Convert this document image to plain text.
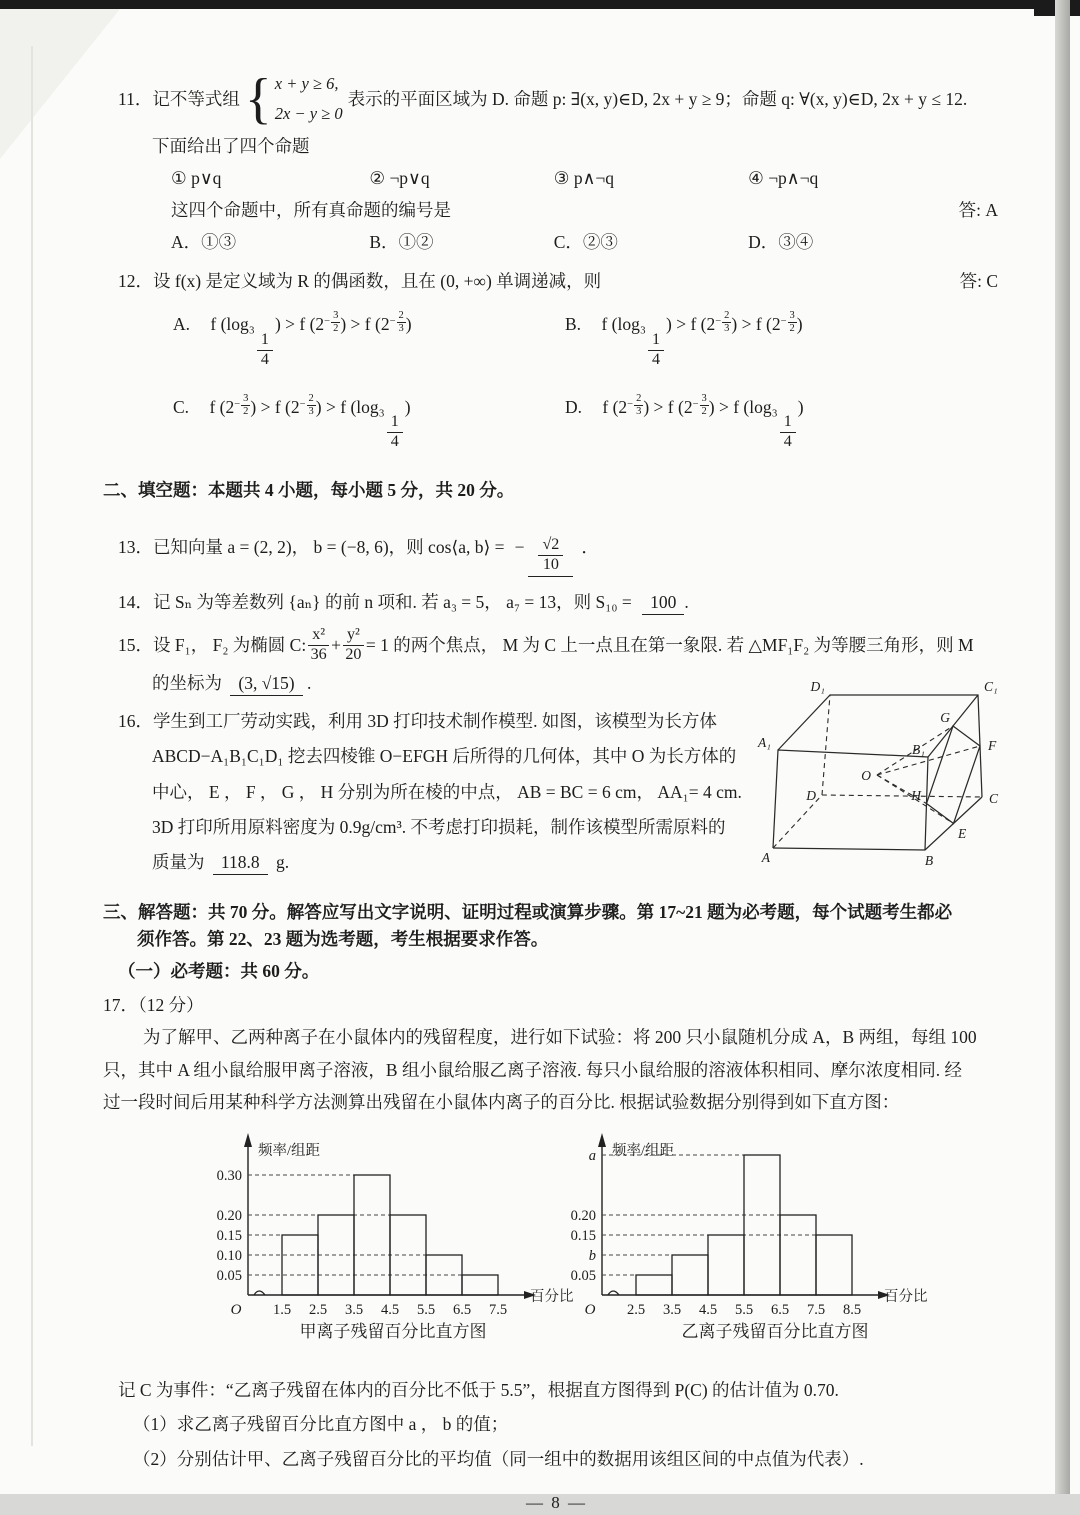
11．记不等式组 { x + y ≥ 6,
2x − y ≥ 0
表示的平面区域为 D. 命题 p: ∃(x, y)∈D, 2x + y ≥ 9；命题 q: ∀(x, y)∈D, 2x + y ≤ 12.
下面给出了四个命题
① p∨q	② ¬p∨q	③ p∧¬q	④ ¬p∧¬q
这四个命题中，所有真命题的编号是	答: A
A．①③	B．①②	C．②③	D．③④
12．设 f(x) 是定义域为 R 的偶函数，且在 (0, +∞) 单调递减，则	答: C
A. f (log₃
$\frac{1}{4}$
) > f (2 $^{- \frac{3}{2}}$ ) > f (2 $^{- \frac{2}{3}}$ )	B. f (log₃
$\frac{1}{4}$
) > f (2 $^{- \frac{2}{3}}$ ) > f (2 $^{- \frac{3}{2}}$ )
C. f (2 $^{- \frac{3}{2}}$ ) > f (2 $^{- \frac{2}{3}}$ ) > f (log₃
$\frac{1}{4}$
)	D. f (2 $^{- \frac{2}{3}}$ ) > f (2 $^{- \frac{3}{2}}$ ) > f (log₃
$\frac{1}{4}$
)
二、填空题：本题共 4 小题，每小题 5 分，共 20 分。
13．已知向量 a = (2, 2)， b = (−8, 6)，则 cos⟨a, b⟩ = − $\frac{√2}{10}$ ．
14．记 Sₙ 为等差数列 {aₙ} 的前 n 项和. 若 a₃ = 5， a₇ = 13，则 S₁₀ = 100 .
15．设 F₁， F₂ 为椭圆 C: $\frac{\text{x²}}{36} + \frac{\text{y²}}{20} = 1$ 的两个焦点， M 为 C 上一点且在第一象限. 若 △MF₁F₂ 为等腰三角形，则 M
的坐标为 (3, √15) .
16．学生到工厂劳动实践，利用 3D 打印技术制作模型. 如图，该模型为长方体
ABCD−A₁B₁C₁D₁ 挖去四棱锥 O−EFGH 后所得的几何体，其中 O 为长方体的
中心， E ， F ， G ， H 分别为所在棱的中点， AB = BC = 6 cm， AA₁= 4 cm.
3D 打印所用原料密度为 0.9g/cm³. 不考虑打印损耗，制作该模型所需原料的
质量为 118.8 g.	A	B
C
D
A₁	B₁
C₁
D₁
E
F
G
H
O
三、解答题：共 70 分。解答应写出文字说明、证明过程或演算步骤。第 17~21 题为必考题，每个试题考生都必
须作答。第 22、23 题为选考题，考生根据要求作答。
（一）必考题：共 60 分。
17．（12 分）
为了解甲、乙两种离子在小鼠体内的残留程度，进行如下试验：将 200 只小鼠随机分成 A，B 两组，每组 100
只，其中 A 组小鼠给服甲离子溶液，B 组小鼠给服乙离子溶液. 每只小鼠给服的溶液体积相同、摩尔浓度相同. 经
过一段时间后用某种科学方法测算出残留在小鼠体内离子的百分比. 根据试验数据分别得到如下直方图：
0.05
0.10
0.15
0.20
0.30
1.5 2.5 3.5 4.5 5.5 6.5 7.5
O
频率/组距
百分比
0.05
b
0.15
0.20
a
2.5 3.5 4.5 5.5 6.5 7.5 8.5
O
频率/组距
百分比
甲离子残留百分比直方图	乙离子残留百分比直方图
记 C 为事件：“乙离子残留在体内的百分比不低于 5.5”，根据直方图得到 P(C) 的估计值为 0.70.
（1）求乙离子残留百分比直方图中 a ， b 的值；
（2）分别估计甲、乙离子残留百分比的平均值（同一组中的数据用该组区间的中点值为代表）.
— 8 —
